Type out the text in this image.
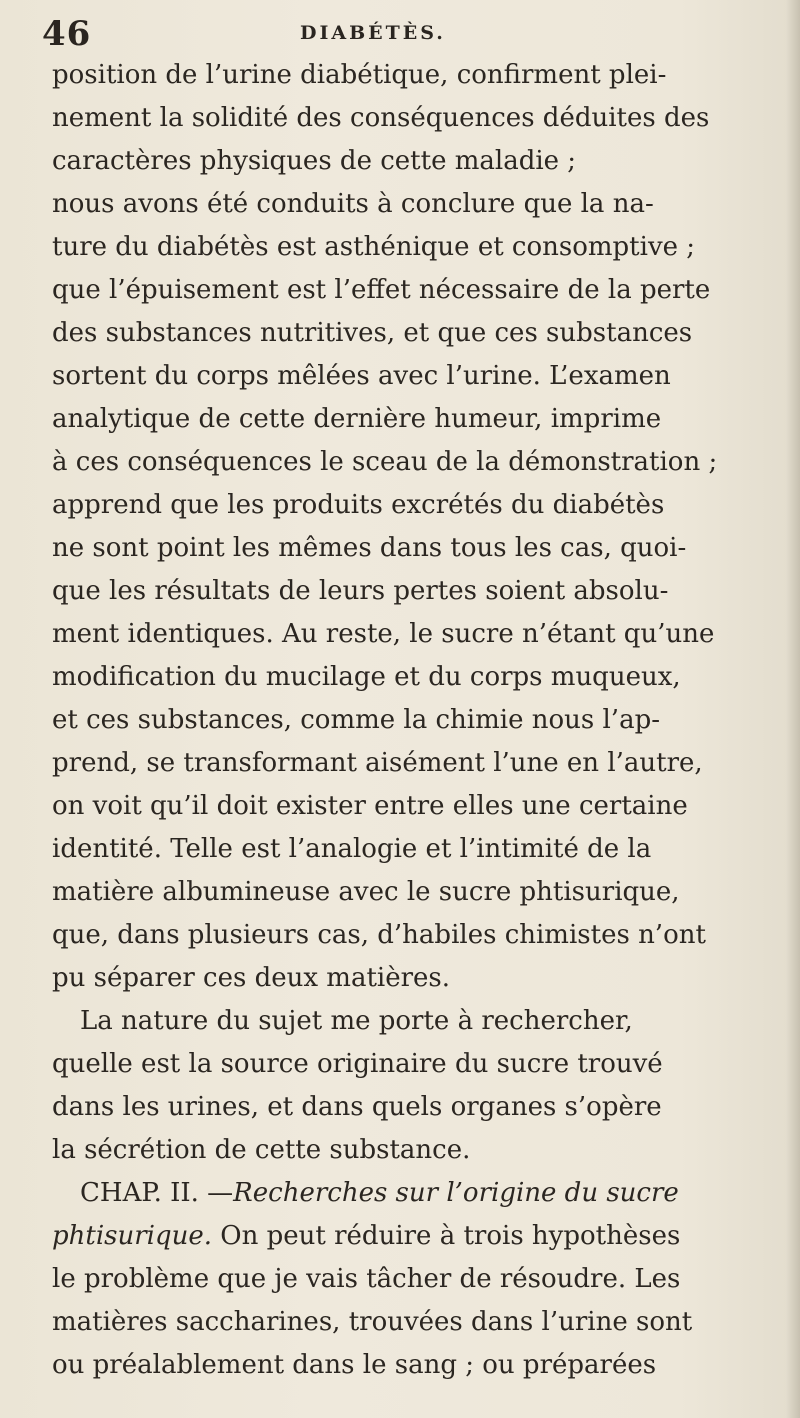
46	DIABÉTÈS.
position de l’urine diabétique, confirment plei-
nement la solidité des conséquences déduites des
caractères physiques de cette maladie ;
nous avons été conduits à conclure que la na-
ture du diabétès est asthénique et consomptive ;
que l’épuisement est l’effet nécessaire de la perte
des substances nutritives, et que ces substances
sortent du corps mêlées avec l’urine. L’examen
analytique de cette dernière humeur, imprime
à ces conséquences le sceau de la démonstration ;
apprend que les produits excrétés du diabétès
ne sont point les mêmes dans tous les cas, quoi-
que les résultats de leurs pertes soient absolu-
ment identiques. Au reste, le sucre n’étant qu’une
modification du mucilage et du corps muqueux,
et ces substances, comme la chimie nous l’ap-
prend, se transformant aisément l’une en l’autre,
on voit qu’il doit exister entre elles une certaine
identité. Telle est l’analogie et l’intimité de la
matière albumineuse avec le sucre phtisurique,
que, dans plusieurs cas, d’habiles chimistes n’ont
pu séparer ces deux matières.
La nature du sujet me porte à rechercher,
quelle est la source originaire du sucre trouvé
dans les urines, et dans quels organes s’opère
la sécrétion de cette substance.
CHAP. II. —Recherches sur l’origine du sucre
phtisurique. On peut réduire à trois hypothèses
le problème que je vais tâcher de résoudre. Les
matières saccharines, trouvées dans l’urine sont
ou préalablement dans le sang ; ou préparées
